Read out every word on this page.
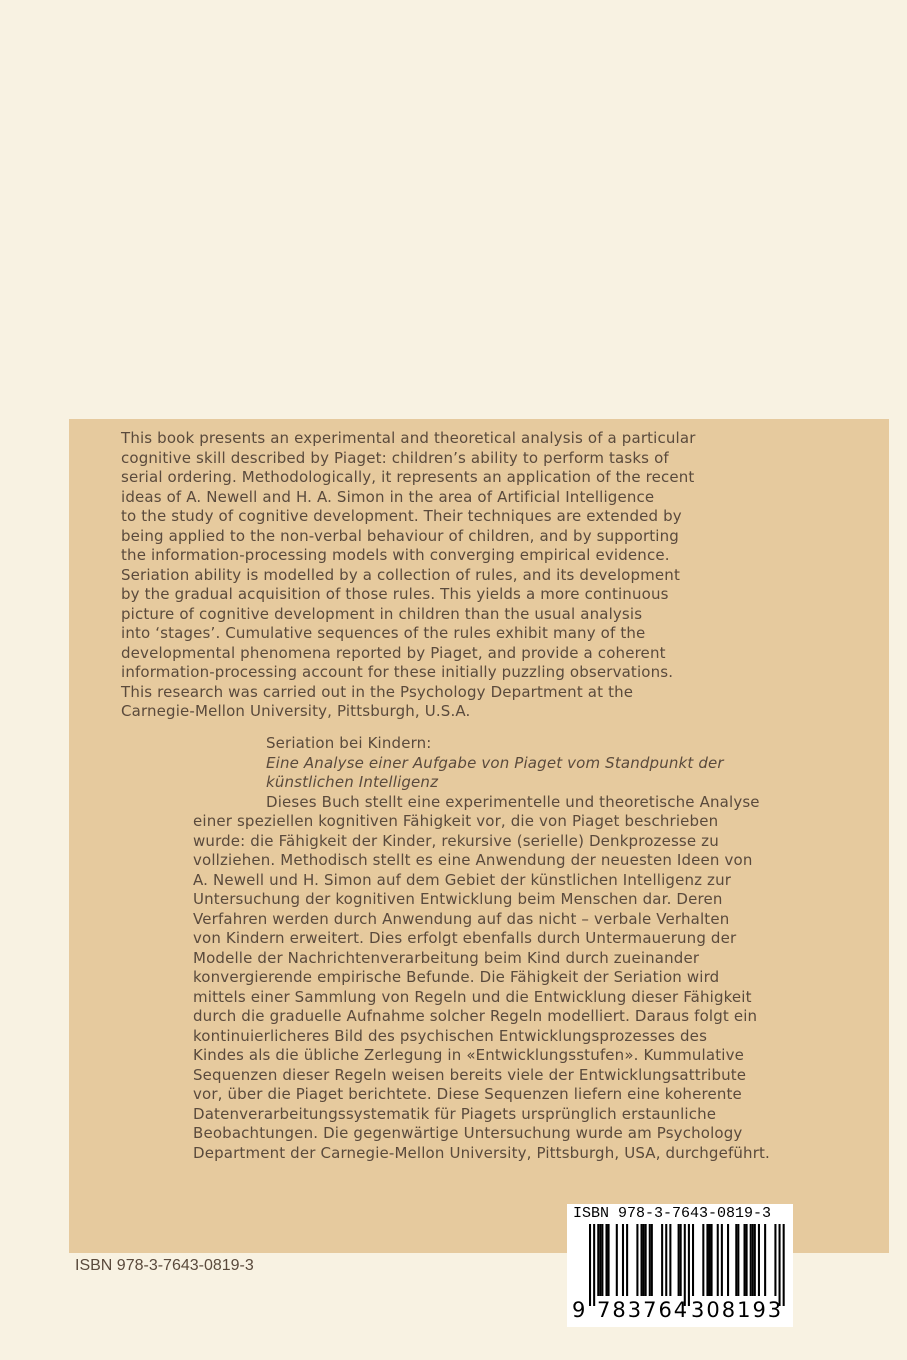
This book presents an experimental and theoretical analysis of a particular
cognitive skill described by Piaget: children’s ability to perform tasks of
serial ordering. Methodologically, it represents an application of the recent
ideas of A. Newell and H. A. Simon in the area of Artificial Intelligence
to the study of cognitive development. Their techniques are extended by
being applied to the non-verbal behaviour of children, and by supporting
the information-processing models with converging empirical evidence.
Seriation ability is modelled by a collection of rules, and its development
by the gradual acquisition of those rules. This yields a more continuous
picture of cognitive development in children than the usual analysis
into ‘stages’. Cumulative sequences of the rules exhibit many of the
developmental phenomena reported by Piaget, and provide a coherent
information-processing account for these initially puzzling observations.
This research was carried out in the Psychology Department at the
Carnegie-Mellon University, Pittsburgh, U.S.A.
Seriation bei Kindern:
Eine Analyse einer Aufgabe von Piaget vom Standpunkt der
künstlichen Intelligenz
Dieses Buch stellt eine experimentelle und theoretische Analyse
einer speziellen kognitiven Fähigkeit vor, die von Piaget beschrieben
wurde: die Fähigkeit der Kinder, rekursive (serielle) Denkprozesse zu
vollziehen. Methodisch stellt es eine Anwendung der neuesten Ideen von
A. Newell und H. Simon auf dem Gebiet der künstlichen Intelligenz zur
Untersuchung der kognitiven Entwicklung beim Menschen dar. Deren
Verfahren werden durch Anwendung auf das nicht – verbale Verhalten
von Kindern erweitert. Dies erfolgt ebenfalls durch Untermauerung der
Modelle der Nachrichtenverarbeitung beim Kind durch zueinander
konvergierende empirische Befunde. Die Fähigkeit der Seriation wird
mittels einer Sammlung von Regeln und die Entwicklung dieser Fähigkeit
durch die graduelle Aufnahme solcher Regeln modelliert. Daraus folgt ein
kontinuierlicheres Bild des psychischen Entwicklungsprozesses des
Kindes als die übliche Zerlegung in «Entwicklungsstufen». Kummulative
Sequenzen dieser Regeln weisen bereits viele der Entwicklungsattribute
vor, über die Piaget berichtete. Diese Sequenzen liefern eine koherente
Datenverarbeitungssystematik für Piagets ursprünglich erstaunliche
Beobachtungen. Die gegenwärtige Untersuchung wurde am Psychology
Department der Carnegie-Mellon University, Pittsburgh, USA, durchgeführt.
ISBN 978-3-7643-0819-3
ISBN 978-3-7643-0819-3
9 783764 308193
